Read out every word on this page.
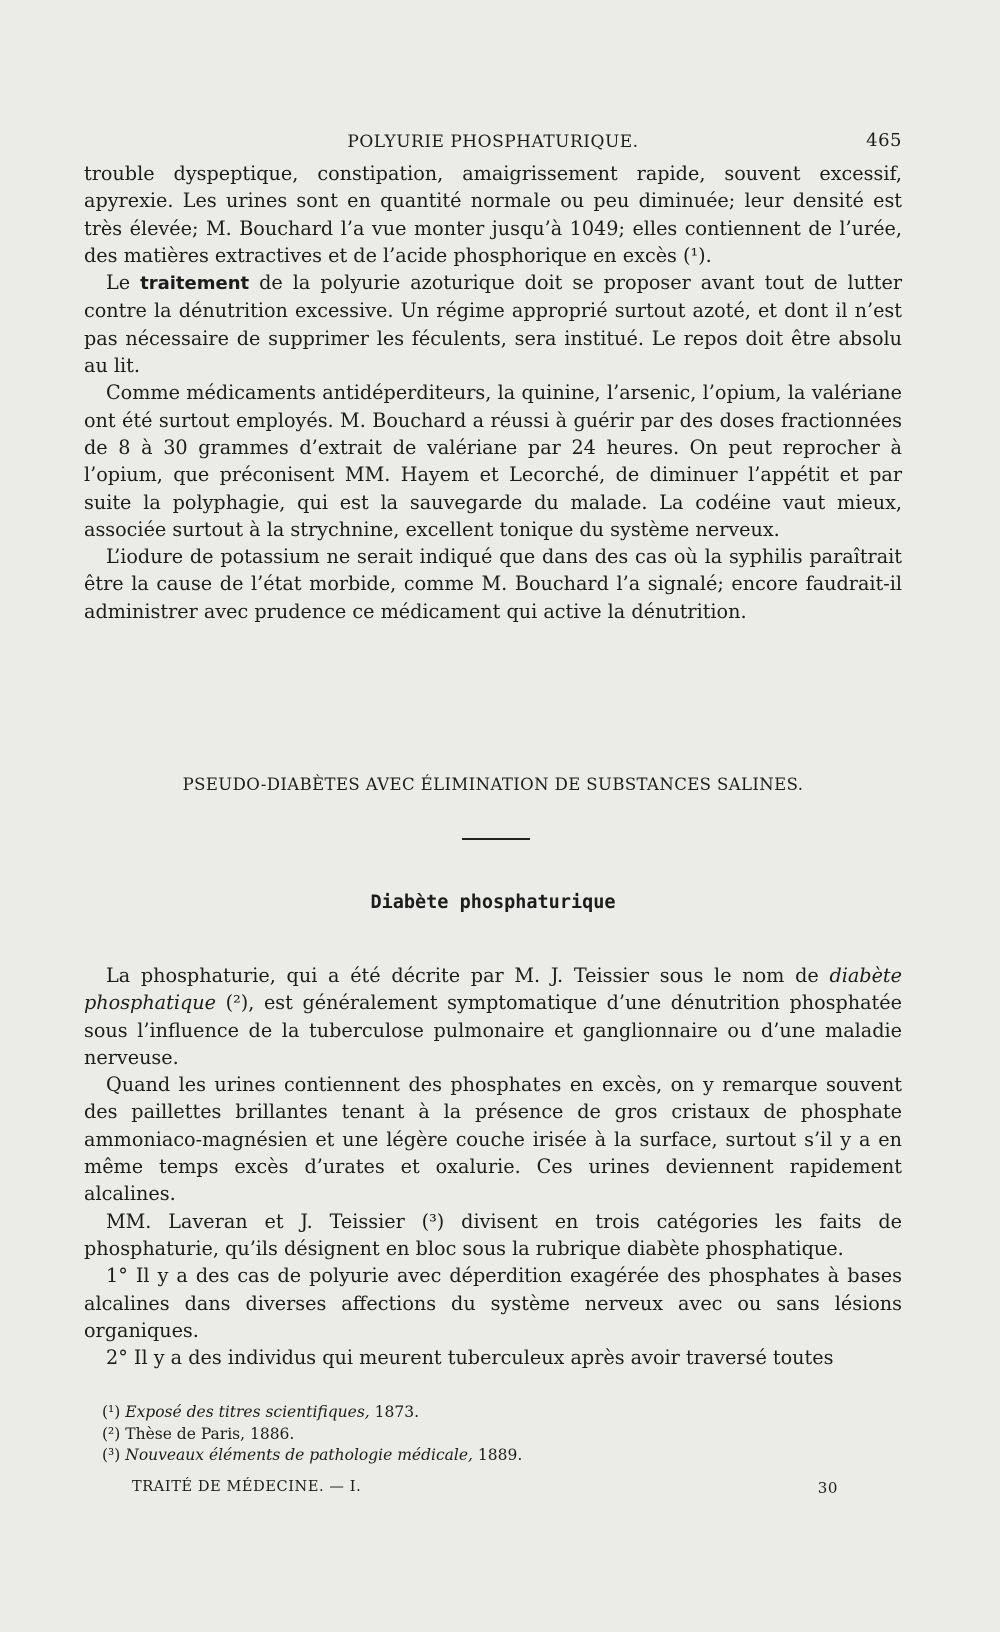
POLYURIE PHOSPHATURIQUE.	465

trouble dyspeptique, constipation, amaigrissement rapide, souvent excessif, apyrexie. Les urines sont en quantité normale ou peu diminuée; leur densité est très élevée; M. Bouchard l’a vue monter jusqu’à 1049; elles contiennent de l’urée, des matières extractives et de l’acide phosphorique en excès (¹).

Le traitement de la polyurie azoturique doit se proposer avant tout de lutter contre la dénutrition excessive. Un régime approprié surtout azoté, et dont il n’est pas nécessaire de supprimer les féculents, sera institué. Le repos doit être absolu au lit.

Comme médicaments antidéperditeurs, la quinine, l’arsenic, l’opium, la valériane ont été surtout employés. M. Bouchard a réussi à guérir par des doses fractionnées de 8 à 30 grammes d’extrait de valériane par 24 heures. On peut reprocher à l’opium, que préconisent MM. Hayem et Lecorché, de diminuer l’appétit et par suite la polyphagie, qui est la sauvegarde du malade. La codéine vaut mieux, associée surtout à la strychnine, excellent tonique du système nerveux.

L’iodure de potassium ne serait indiqué que dans des cas où la syphilis paraîtrait être la cause de l’état morbide, comme M. Bouchard l’a signalé; encore faudrait-il administrer avec prudence ce médicament qui active la dénutrition.

PSEUDO-DIABÈTES AVEC ÉLIMINATION DE SUBSTANCES SALINES.
Diabète phosphaturique

La phosphaturie, qui a été décrite par M. J. Teissier sous le nom de diabète phosphatique (²), est généralement symptomatique d’une dénutrition phosphatée sous l’influence de la tuberculose pulmonaire et ganglionnaire ou d’une maladie nerveuse.

Quand les urines contiennent des phosphates en excès, on y remarque souvent des paillettes brillantes tenant à la présence de gros cristaux de phosphate ammoniaco-magnésien et une légère couche irisée à la surface, surtout s’il y a en même temps excès d’urates et oxalurie. Ces urines deviennent rapidement alcalines.

MM. Laveran et J. Teissier (³) divisent en trois catégories les faits de phosphaturie, qu’ils désignent en bloc sous la rubrique diabète phosphatique.

1° Il y a des cas de polyurie avec déperdition exagérée des phosphates à bases alcalines dans diverses affections du système nerveux avec ou sans lésions organiques.

2° Il y a des individus qui meurent tuberculeux après avoir traversé toutes

(¹) Exposé des titres scientifiques, 1873.
(²) Thèse de Paris, 1886.
(³) Nouveaux éléments de pathologie médicale, 1889.
TRAITÉ DE MÉDECINE. — I.	30
